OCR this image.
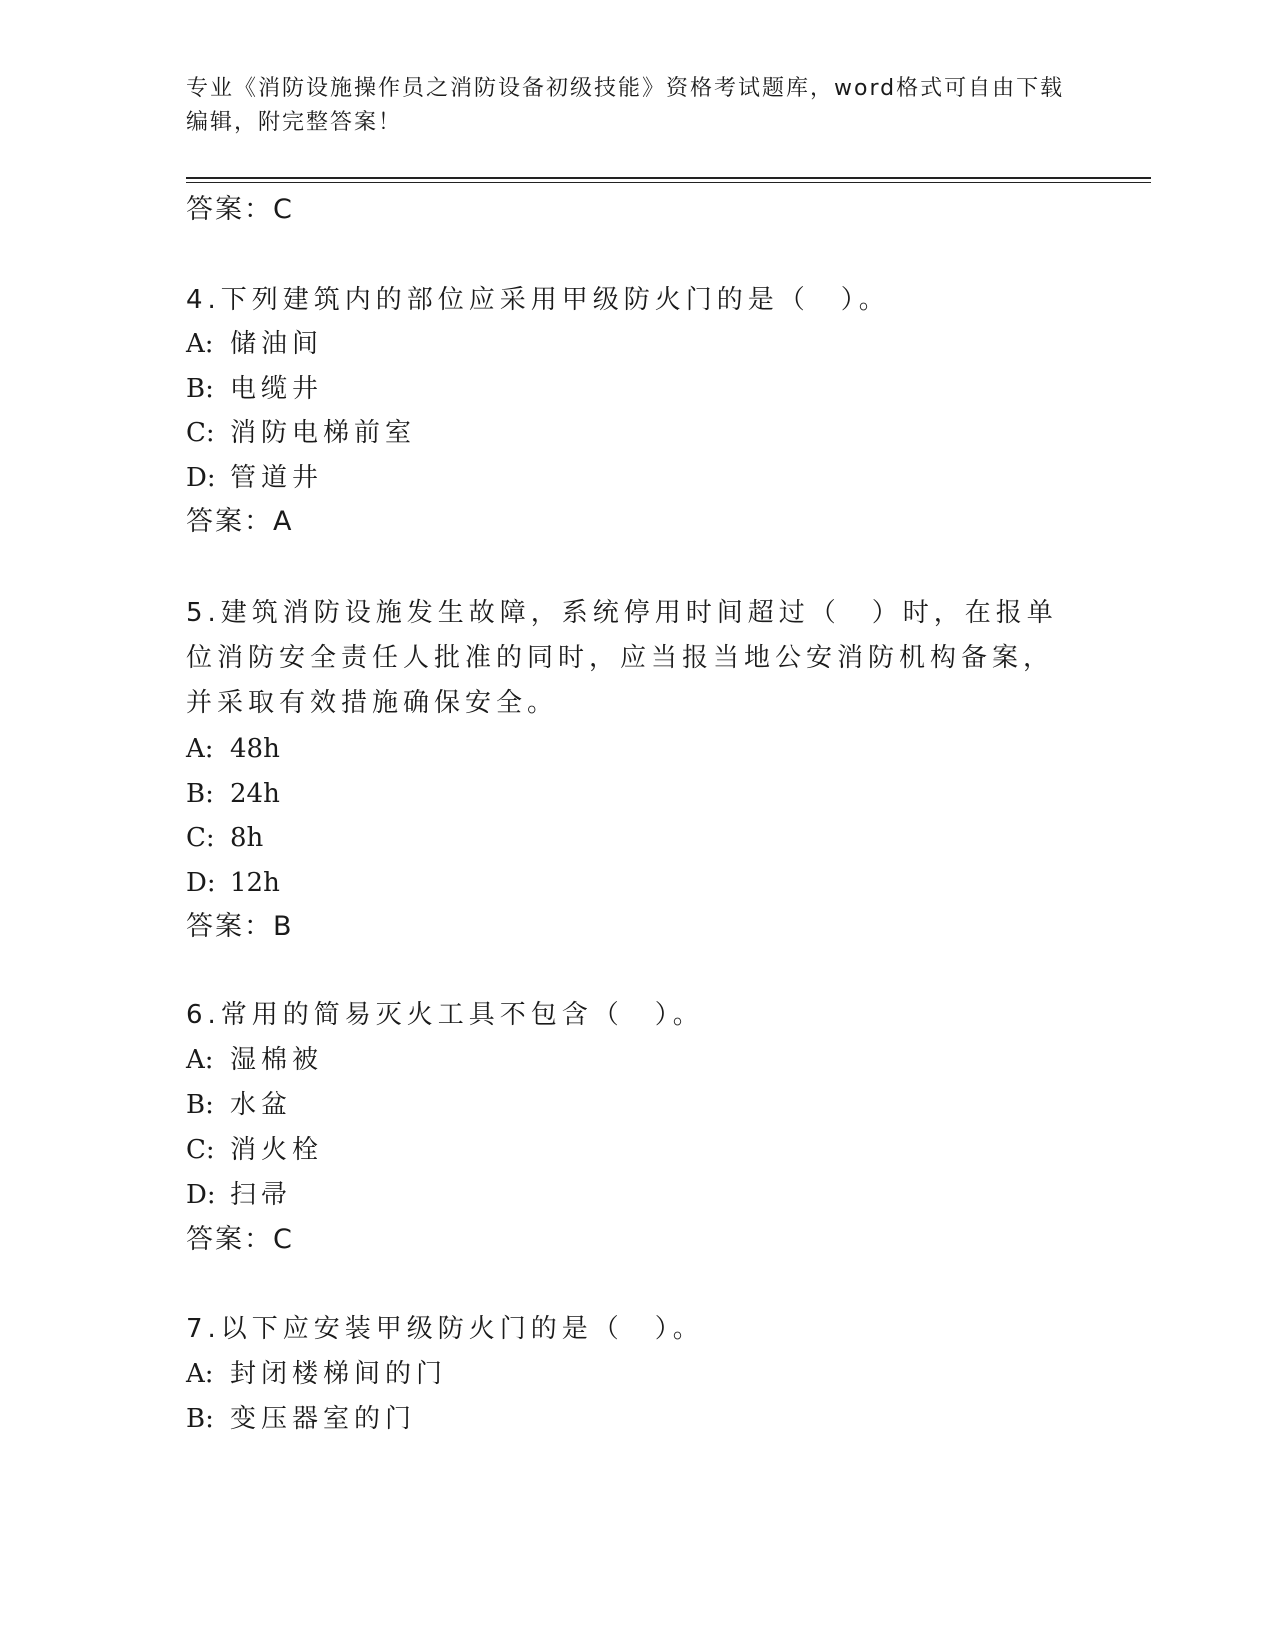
专业《消防设施操作员之消防设备初级技能》资格考试题库，word格式可自由下载编辑，附完整答案！
答案：C
4.下列建筑内的部位应采用甲级防火门的是（　）。
A: 储油间
B: 电缆井
C: 消防电梯前室
D: 管道井
答案：A
5.建筑消防设施发生故障，系统停用时间超过（　）时，在报单位消防安全责任人批准的同时，应当报当地公安消防机构备案，并采取有效措施确保安全。
A: 48h
B: 24h
C: 8h
D: 12h
答案：B
6.常用的简易灭火工具不包含（　）。
A: 湿棉被
B: 水盆
C: 消火栓
D: 扫帚
答案：C
7.以下应安装甲级防火门的是（　）。
A: 封闭楼梯间的门
B: 变压器室的门
